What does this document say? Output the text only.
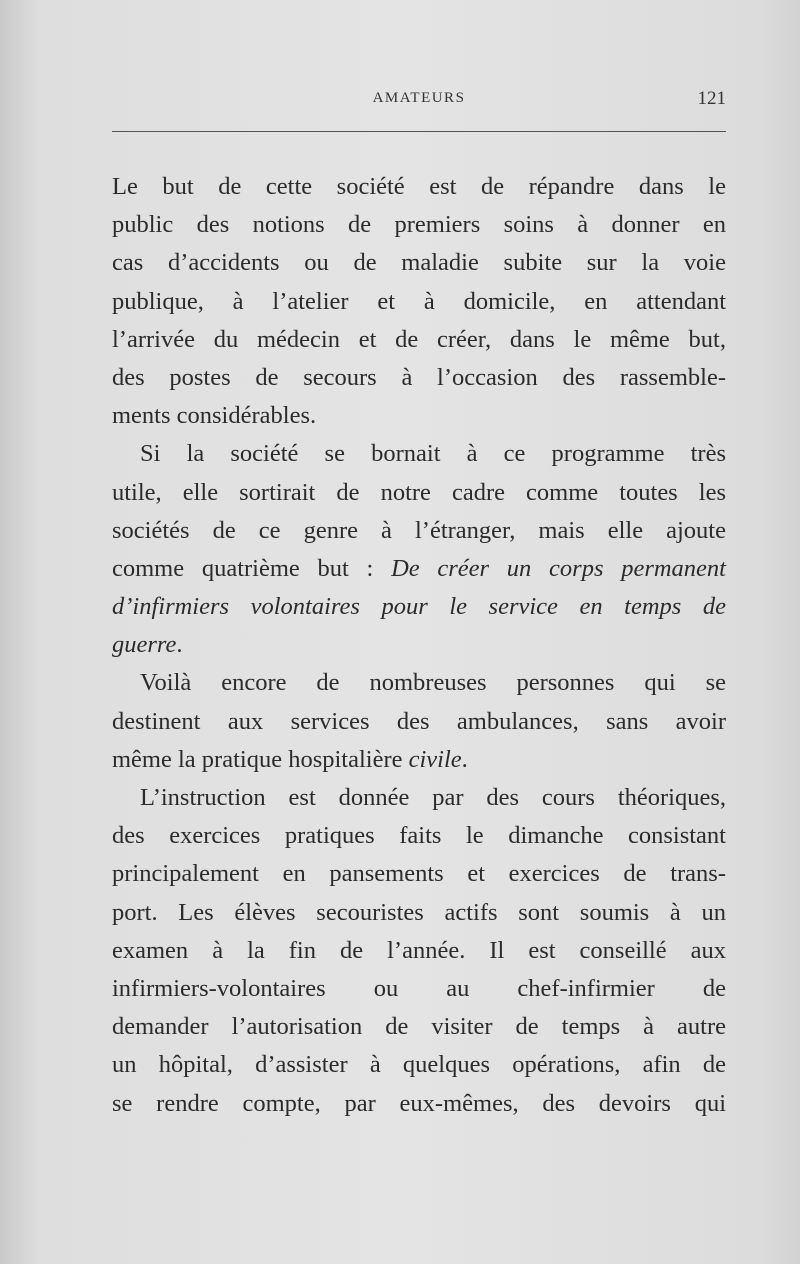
AMATEURS	121
Le but de cette société est de répandre dans le
public des notions de premiers soins à donner en
cas d’accidents ou de maladie subite sur la voie
publique, à l’atelier et à domicile, en attendant
l’arrivée du médecin et de créer, dans le même but,
des postes de secours à l’occasion des rassemble-
ments considérables.
Si la société se bornait à ce programme très
utile, elle sortirait de notre cadre comme toutes les
sociétés de ce genre à l’étranger, mais elle ajoute
comme quatrième but : De créer un corps permanent
d’infirmiers volontaires pour le service en temps de
guerre.
Voilà encore de nombreuses personnes qui se
destinent aux services des ambulances, sans avoir
même la pratique hospitalière civile.
L’instruction est donnée par des cours théoriques,
des exercices pratiques faits le dimanche consistant
principalement en pansements et exercices de trans-
port. Les élèves secouristes actifs sont soumis à un
examen à la fin de l’année. Il est conseillé aux
infirmiers-volontaires ou au chef-infirmier de
demander l’autorisation de visiter de temps à autre
un hôpital, d’assister à quelques opérations, afin de
se rendre compte, par eux-mêmes, des devoirs qui
